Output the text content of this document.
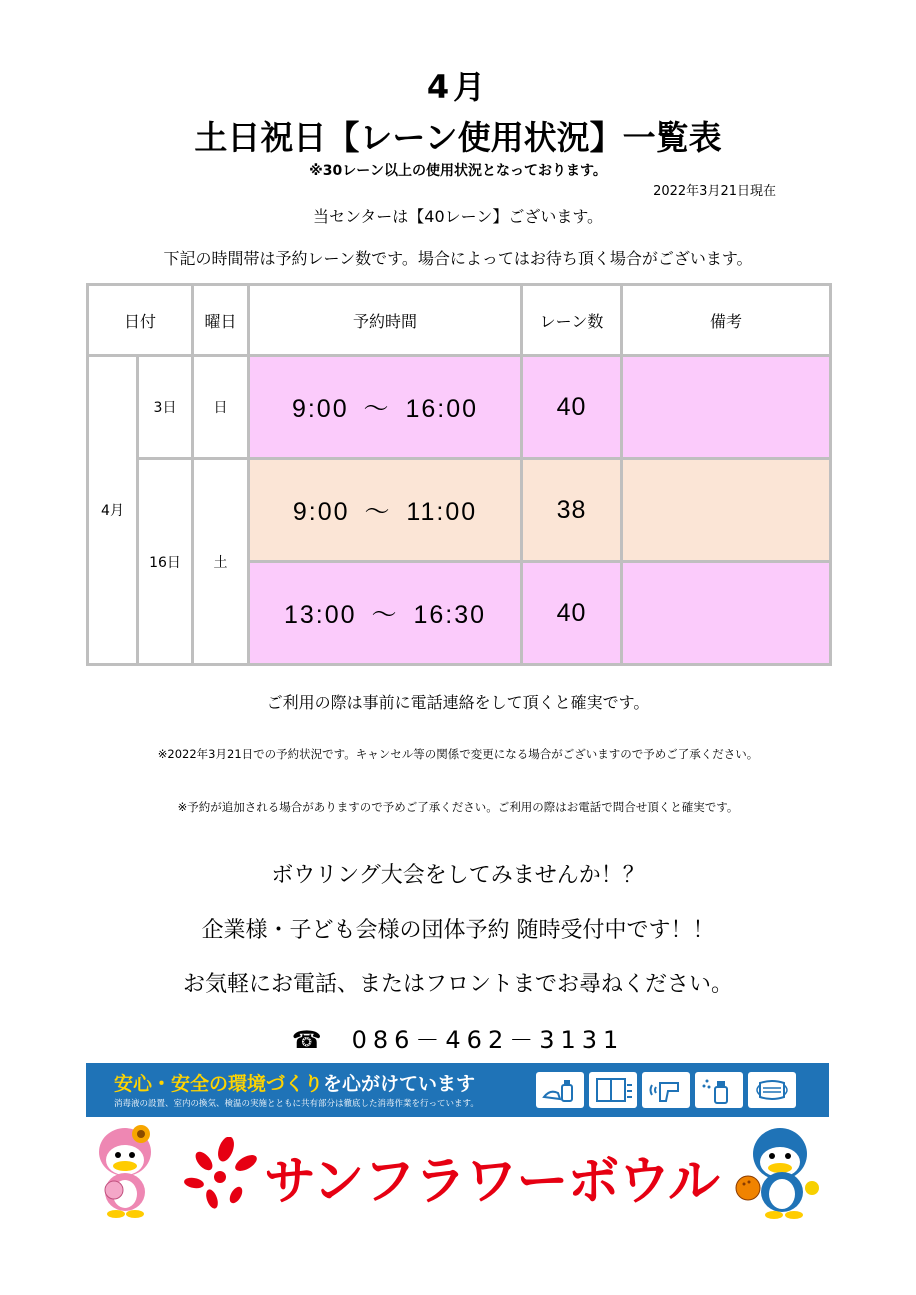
4月
土日祝日【レーン使用状況】一覧表
※30レーン以上の使用状況となっております。
2022年3月21日現在
当センターは【40レーン】ございます。
下記の時間帯は予約レーン数です。場合によってはお待ち頂く場合がございます。
日付		曜日	予約時間	レーン数	備考
4月	3日	日	9:00 ～ 16:00	40	
	16日	土	9:00 ～ 11:00	38	
			13:00 ～ 16:30	40	
ご利用の際は事前に電話連絡をして頂くと確実です。
※2022年3月21日での予約状況です。キャンセル等の関係で変更になる場合がございますので予めご了承ください。
※予約が追加される場合がありますので予めご了承ください。ご利用の際はお電話で問合せ頂くと確実です。
ボウリング大会をしてみませんか！？
企業様・子ども会様の団体予約 随時受付中です！！
お気軽にお電話、またはフロントまでお尋ねください。
☎ 086－462－3131
安心・安全の環境づくりを心がけています
消毒液の設置、室内の換気、検温の実施とともに共有部分は徹底した消毒作業を行っています。
サンフラワーボウル
